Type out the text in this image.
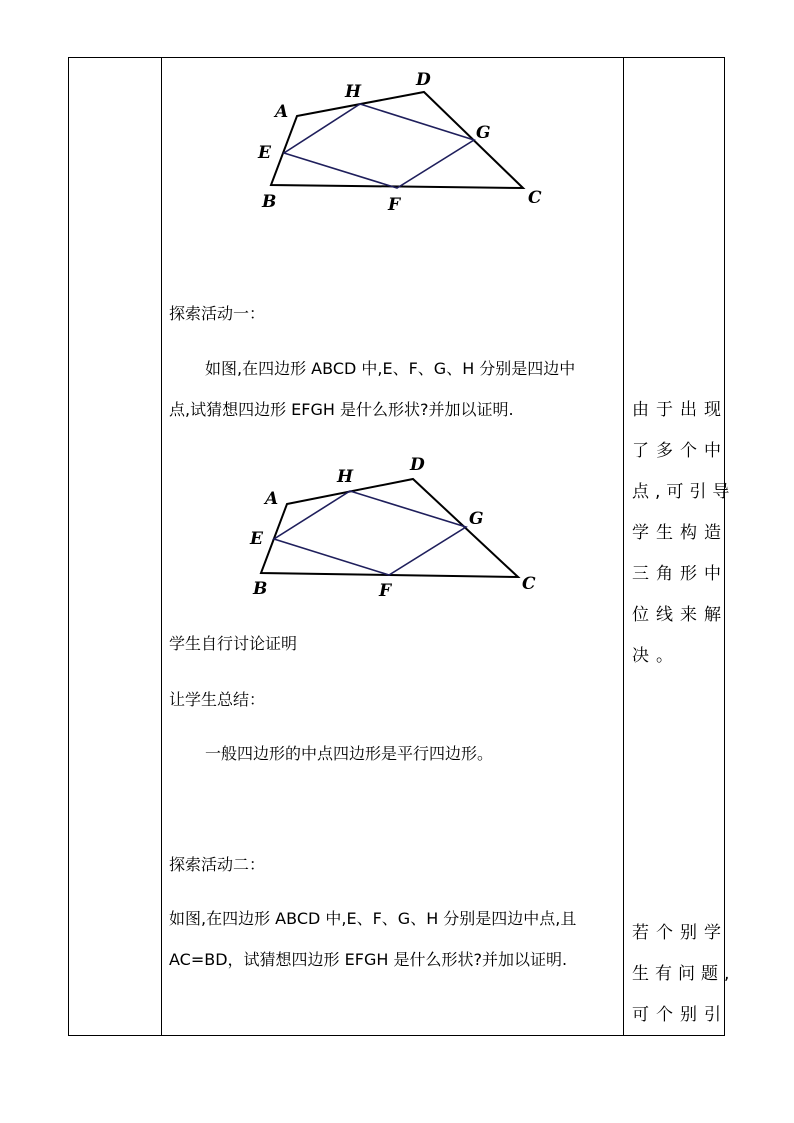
A
H
D
G
E
B	F	C
探索活动一：
如图,在四边形 ABCD 中,E、F、G、H 分别是四边中
点,试猜想四边形 EFGH 是什么形状?并加以证明.
A
H
D
G
E
B	F	C
学生自行讨论证明
让学生总结：
一般四边形的中点四边形是平行四边形。
探索活动二：
如图,在四边形 ABCD 中,E、F、G、H 分别是四边中点,且
AC=BD，试猜想四边形 EFGH 是什么形状?并加以证明.
由于出现
了多个中
点,可引导
学生构造
三角形中
位线来解
决。
若个别学
生有问题,
可个别引
